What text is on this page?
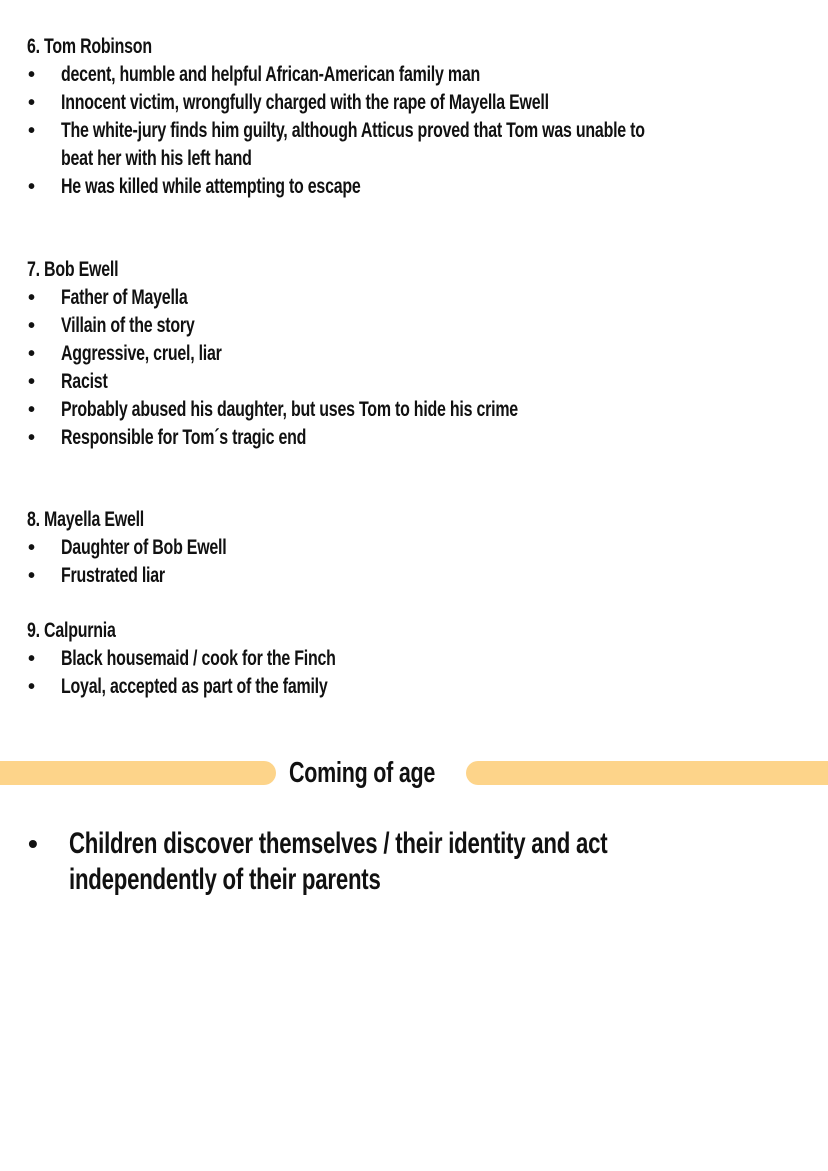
6. Tom Robinson
• decent, humble and helpful African-American family man
• Innocent victim, wrongfully charged with the rape of Mayella Ewell
• The white-jury finds him guilty, although Atticus proved that Tom was unable to
beat her with his left hand
• He was killed while attempting to escape
7. Bob Ewell
• Father of Mayella
• Villain of the story
• Aggressive, cruel, liar
• Racist
• Probably abused his daughter, but uses Tom to hide his crime
• Responsible for Tom´s tragic end
8. Mayella Ewell
• Daughter of Bob Ewell
• Frustrated liar
9. Calpurnia
• Black housemaid / cook for the Finch
• Loyal, accepted as part of the family
Coming of age
• Children discover themselves / their identity and act
independently of their parents
